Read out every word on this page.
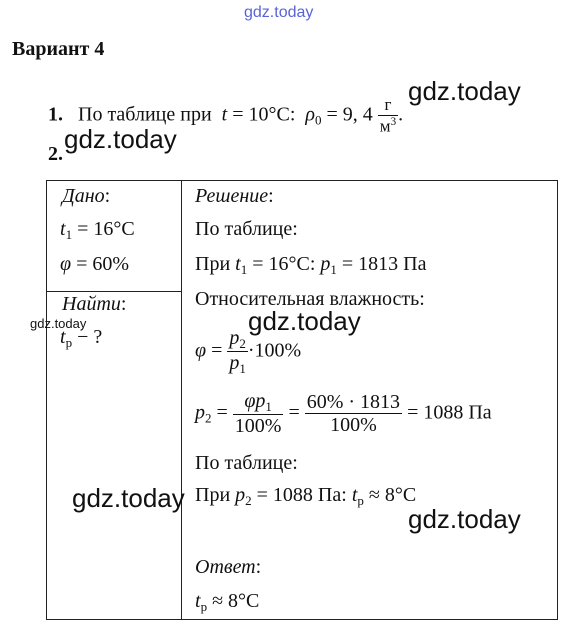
gdz.today
Вариант 4
1. По таблице при t = 10°C: $\rho_0 = 9$, $4 \frac{г}{м^3}$ .
2.
Дано:
$t_1 = 16^\circ C$
φ = 60%
Найти:
$t_p$ − ?
Решение:
По таблице:
При $t_1 = 16^\circ C$: $p_1 = 1813$ Па
Относительная влажность:
$\varphi = \frac{p_2}{p_1} \cdot 100\%$
$p_2 = \frac{\varphi p_1}{100\%} = \frac{60\% \cdot 1813}{100\%} = 1088$ Па
По таблице:
При $p_2 = 1088$ Па: $t_p \approx 8^\circ C$
Ответ:
$t_p \approx 8^\circ C$
gdz.today
gdz.today
gdz.today	gdz.today
gdz.today
gdz.today
